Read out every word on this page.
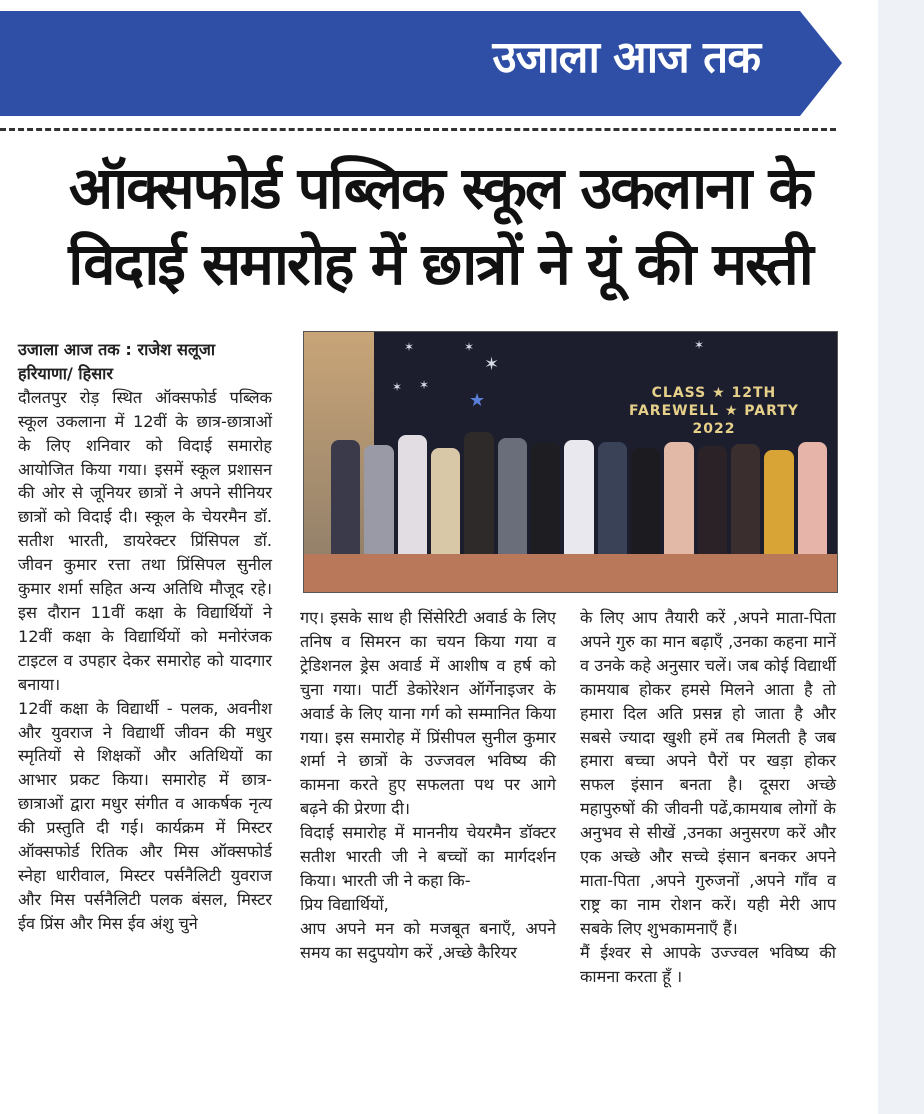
उजाला आज तक
ऑक्सफोर्ड पब्लिक स्कूल उकलाना के
विदाई समारोह में छात्रों ने यूं की मस्ती

उजाला आज तक : राजेश सलूजा

हरियाणा/ हिसार

दौलतपुर रोड़ स्थित ऑक्सफोर्ड पब्लिक स्कूल उकलाना में 12वीं के छात्र-छात्राओं के लिए शनिवार को विदाई समारोह आयोजित किया गया। इसमें स्कूल प्रशासन की ओर से जूनियर छात्रों ने अपने सीनियर छात्रों को विदाई दी। स्कूल के चेयरमैन डॉ. सतीश भारती, डायरेक्टर प्रिंसिपल डॉ. जीवन कुमार रत्ता तथा प्रिंसिपल सुनील कुमार शर्मा सहित अन्य अतिथि मौजूद रहे। इस दौरान 11वीं कक्षा के विद्यार्थियों ने 12वीं कक्षा के विद्यार्थियों को मनोरंजक टाइटल व उपहार देकर समारोह को यादगार बनाया।

12वीं कक्षा के विद्यार्थी - पलक, अवनीश और युवराज ने विद्यार्थी जीवन की मधुर स्मृतियों से शिक्षकों और अतिथियों का आभार प्रकट किया। समारोह में छात्र-छात्राओं द्वारा मधुर संगीत व आकर्षक नृत्य की प्रस्तुति दी गई। कार्यक्रम में मिस्टर ऑक्सफोर्ड रितिक और मिस ऑक्सफोर्ड स्नेहा धारीवाल, मिस्टर पर्सनैलिटी युवराज और मिस पर्सनैलिटी पलक बंसल, मिस्टर ईव प्रिंस और मिस ईव अंशु चुने

✶	✶
✶
✶ ✶
★
✶
CLASS ★ 12TH
FAREWELL ★ PARTY
2022

गए। इसके साथ ही सिंसेरिटी अवार्ड के लिए तनिष व सिमरन का चयन किया गया व ट्रेडिशनल ड्रेस अवार्ड में आशीष व हर्ष को चुना गया। पार्टी डेकोरेशन ऑर्गेनाइजर के अवार्ड के लिए याना गर्ग को सम्मानित किया गया। इस समारोह में प्रिंसीपल सुनील कुमार शर्मा ने छात्रों के उज्जवल भविष्य की कामना करते हुए सफलता पथ पर आगे बढ़ने की प्रेरणा दी।

विदाई समारोह में माननीय चेयरमैन डॉक्टर सतीश भारती जी ने बच्चों का मार्गदर्शन किया। भारती जी ने कहा कि-

प्रिय विद्यार्थियों,

आप अपने मन को मजबूत बनाएँ, अपने समय का सदुपयोग करें ,अच्छे कैरियर

के लिए आप तैयारी करें ,अपने माता-पिता अपने गुरु का मान बढ़ाएँ ,उनका कहना मानें व उनके कहे अनुसार चलें। जब कोई विद्यार्थी कामयाब होकर हमसे मिलने आता है तो हमारा दिल अति प्रसन्न हो जाता है और सबसे ज्यादा खुशी हमें तब मिलती है जब हमारा बच्चा अपने पैरों पर खड़ा होकर सफल इंसान बनता है। दूसरा अच्छे महापुरुषों की जीवनी पढें,कामयाब लोगों के अनुभव से सीखें ,उनका अनुसरण करें और एक अच्छे और सच्चे इंसान बनकर अपने माता-पिता ,अपने गुरुजनों ,अपने गाँव व राष्ट्र का नाम रोशन करें। यही मेरी आप सबके लिए शुभकामनाएँ हैं।

मैं ईश्वर से आपके उज्ज्वल भविष्य की कामना करता हूँ ।
